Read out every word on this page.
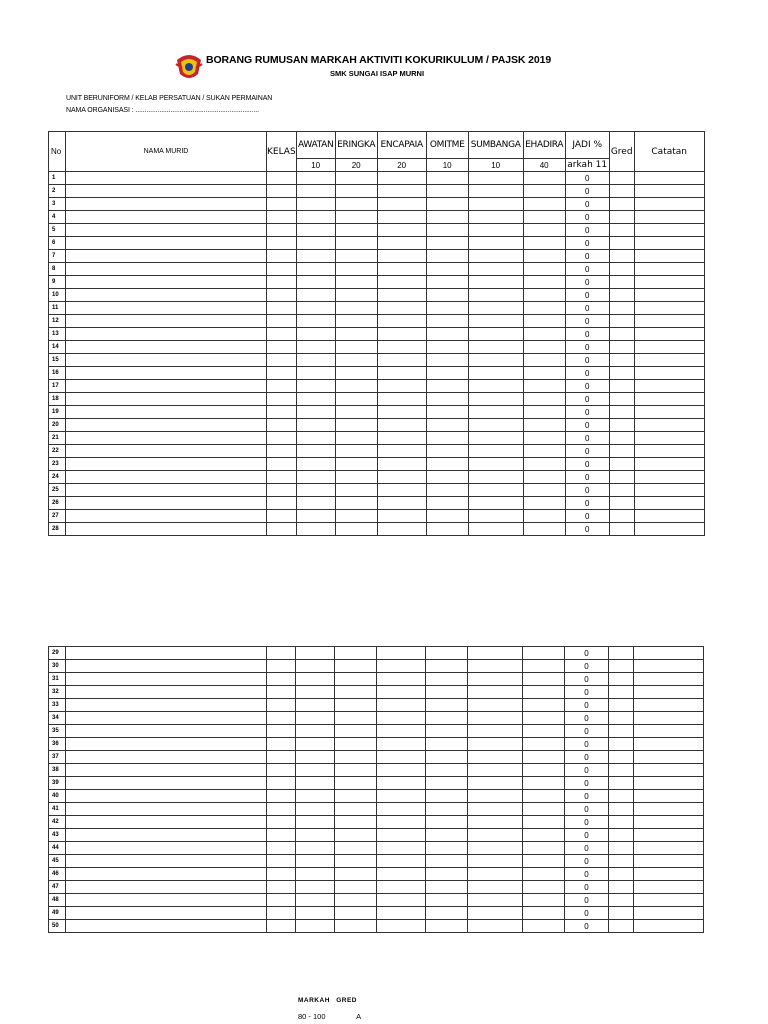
BORANG RUMUSAN MARKAH AKTIVITI KOKURIKULUM / PAJSK 2019
SMK SUNGAI ISAP MURNI
UNIT BERUNIFORM / KELAB PERSATUAN / SUKAN PERMAINAN
NAMA ORGANISASI : ...................................................................
No	NAMA MURID	KELAS	AWATAN	ERINGKA	ENCAPAIA	OMITME	SUMBANGA	EHADIRA	JADI %	Gred	Catatan
			10	20	20	10	10	40	arkah 11		
1									0		
2									0		
3									0		
4									0		
5									0		
6									0		
7									0		
8									0		
9									0		
10									0		
11									0		
12									0		
13									0		
14									0		
15									0		
16									0		
17									0		
18									0		
19									0		
20									0		
21									0		
22									0		
23									0		
24									0		
25									0		
26									0		
27									0		
28									0		
29									0		
30									0		
31									0		
32									0		
33									0		
34									0		
35									0		
36									0		
37									0		
38									0		
39									0		
40									0		
41									0		
42									0		
43									0		
44									0		
45									0		
46									0		
47									0		
48									0		
49									0		
50									0		
MARKAH GRED
80 - 100	A
